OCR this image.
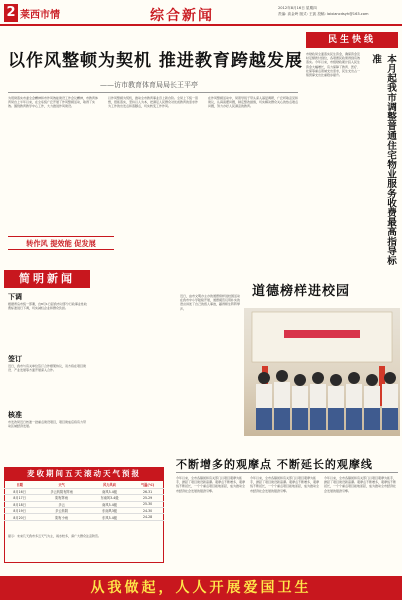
2 莱西市情	综合新闻	2012年8月16日 星期四
责编: 高金岭 版式: 王凯 投稿: laixiancdsyh@163.com
以作风整顿为契机 推进教育跨越发展
——访市教育体育局局长王平亭
为贯彻落实市委全会精神和市作风效能建设工作会议精神，市教育体育局自上半年以来，在全系统广泛开展了作风整顿活动，取得了实效。围绕教育教学中心工作，大力推进作风建设。
以作风整顿为契机，推动全市教育事业迈上新台阶。全局上下统一思想，狠抓落实，坚持以人为本，把满足人民群众对优质教育的需求作为工作的出发点和落脚点，切实转变工作作风。
在作风整顿活动中，局领导班子带头深入基层调研，广泛听取意见和建议，认真查摆问题，制定整改措施，切实解决群众关心的热点难点问题，努力办好人民满意的教育。
转作风 提效能 促发展
民生快线
市财政局全面落实民生资金，确保资金及时足额拨付到位，各项惠民政策得到有效落实。今年以来，市级财政累计投入民生资金大幅增长，有力保障了教育、医疗、社保等重点领域支出需求，民生支出占一般预算支出比重稳步提升。	本月起我市调整普通住宅物业服务收费最高指导标准
简明新闻
下调
根据青岛市统一部署，自8月1日起我市对部分行政事业性收费标准进行下调，切实减轻企业和群众负担。
签订
近日，我市与有关单位签订合作框架协议，双方将在项目建设、产业发展等方面开展深入合作。
核准
市发改局近日核准一批重点建设项目，项目建成后将有力带动区域经济发展。
道德榜样进校园
近日，由市文明办主办的道德榜样进校园活动在我市中小学陆续开展，道德模范们用朴实的语言讲述了自己的感人事迹，赢得师生阵阵掌声。
不断增多的观摩点 不断延长的观摩线
今年以来，全市各镇街和有关部门以项目观摩为抓手，掀起了项目建设新高潮。观摩点不断增多，观摩线不断延长，一个个重点项目拔地而起，成为推动全市经济社会发展的强劲引擎。
今年以来，全市各镇街和有关部门以项目观摩为抓手，掀起了项目建设新高潮。观摩点不断增多，观摩线不断延长，一个个重点项目拔地而起，成为推动全市经济社会发展的强劲引擎。
今年以来，全市各镇街和有关部门以项目观摩为抓手，掀起了项目建设新高潮。观摩点不断增多，观摩线不断延长，一个个重点项目拔地而起，成为推动全市经济社会发展的强劲引擎。
麦收期间五天滚动天气预报
日期	天气	风力风向	气温(℃)
8月16日	多云转阴有阵雨	南风3-4级	26-31
8月17日	阴有阵雨	东南风3-4级	25-29
8月18日	多云	南风3-4级	25-30
8月19日	多云转阴	东南风3级	24-30
8月20日	阴有小雨	东风3-4级	24-28
提示：未来几天我市多云天气为主，雨水较多，请广大群众注意防范。
从我做起，人人开展爱国卫生
